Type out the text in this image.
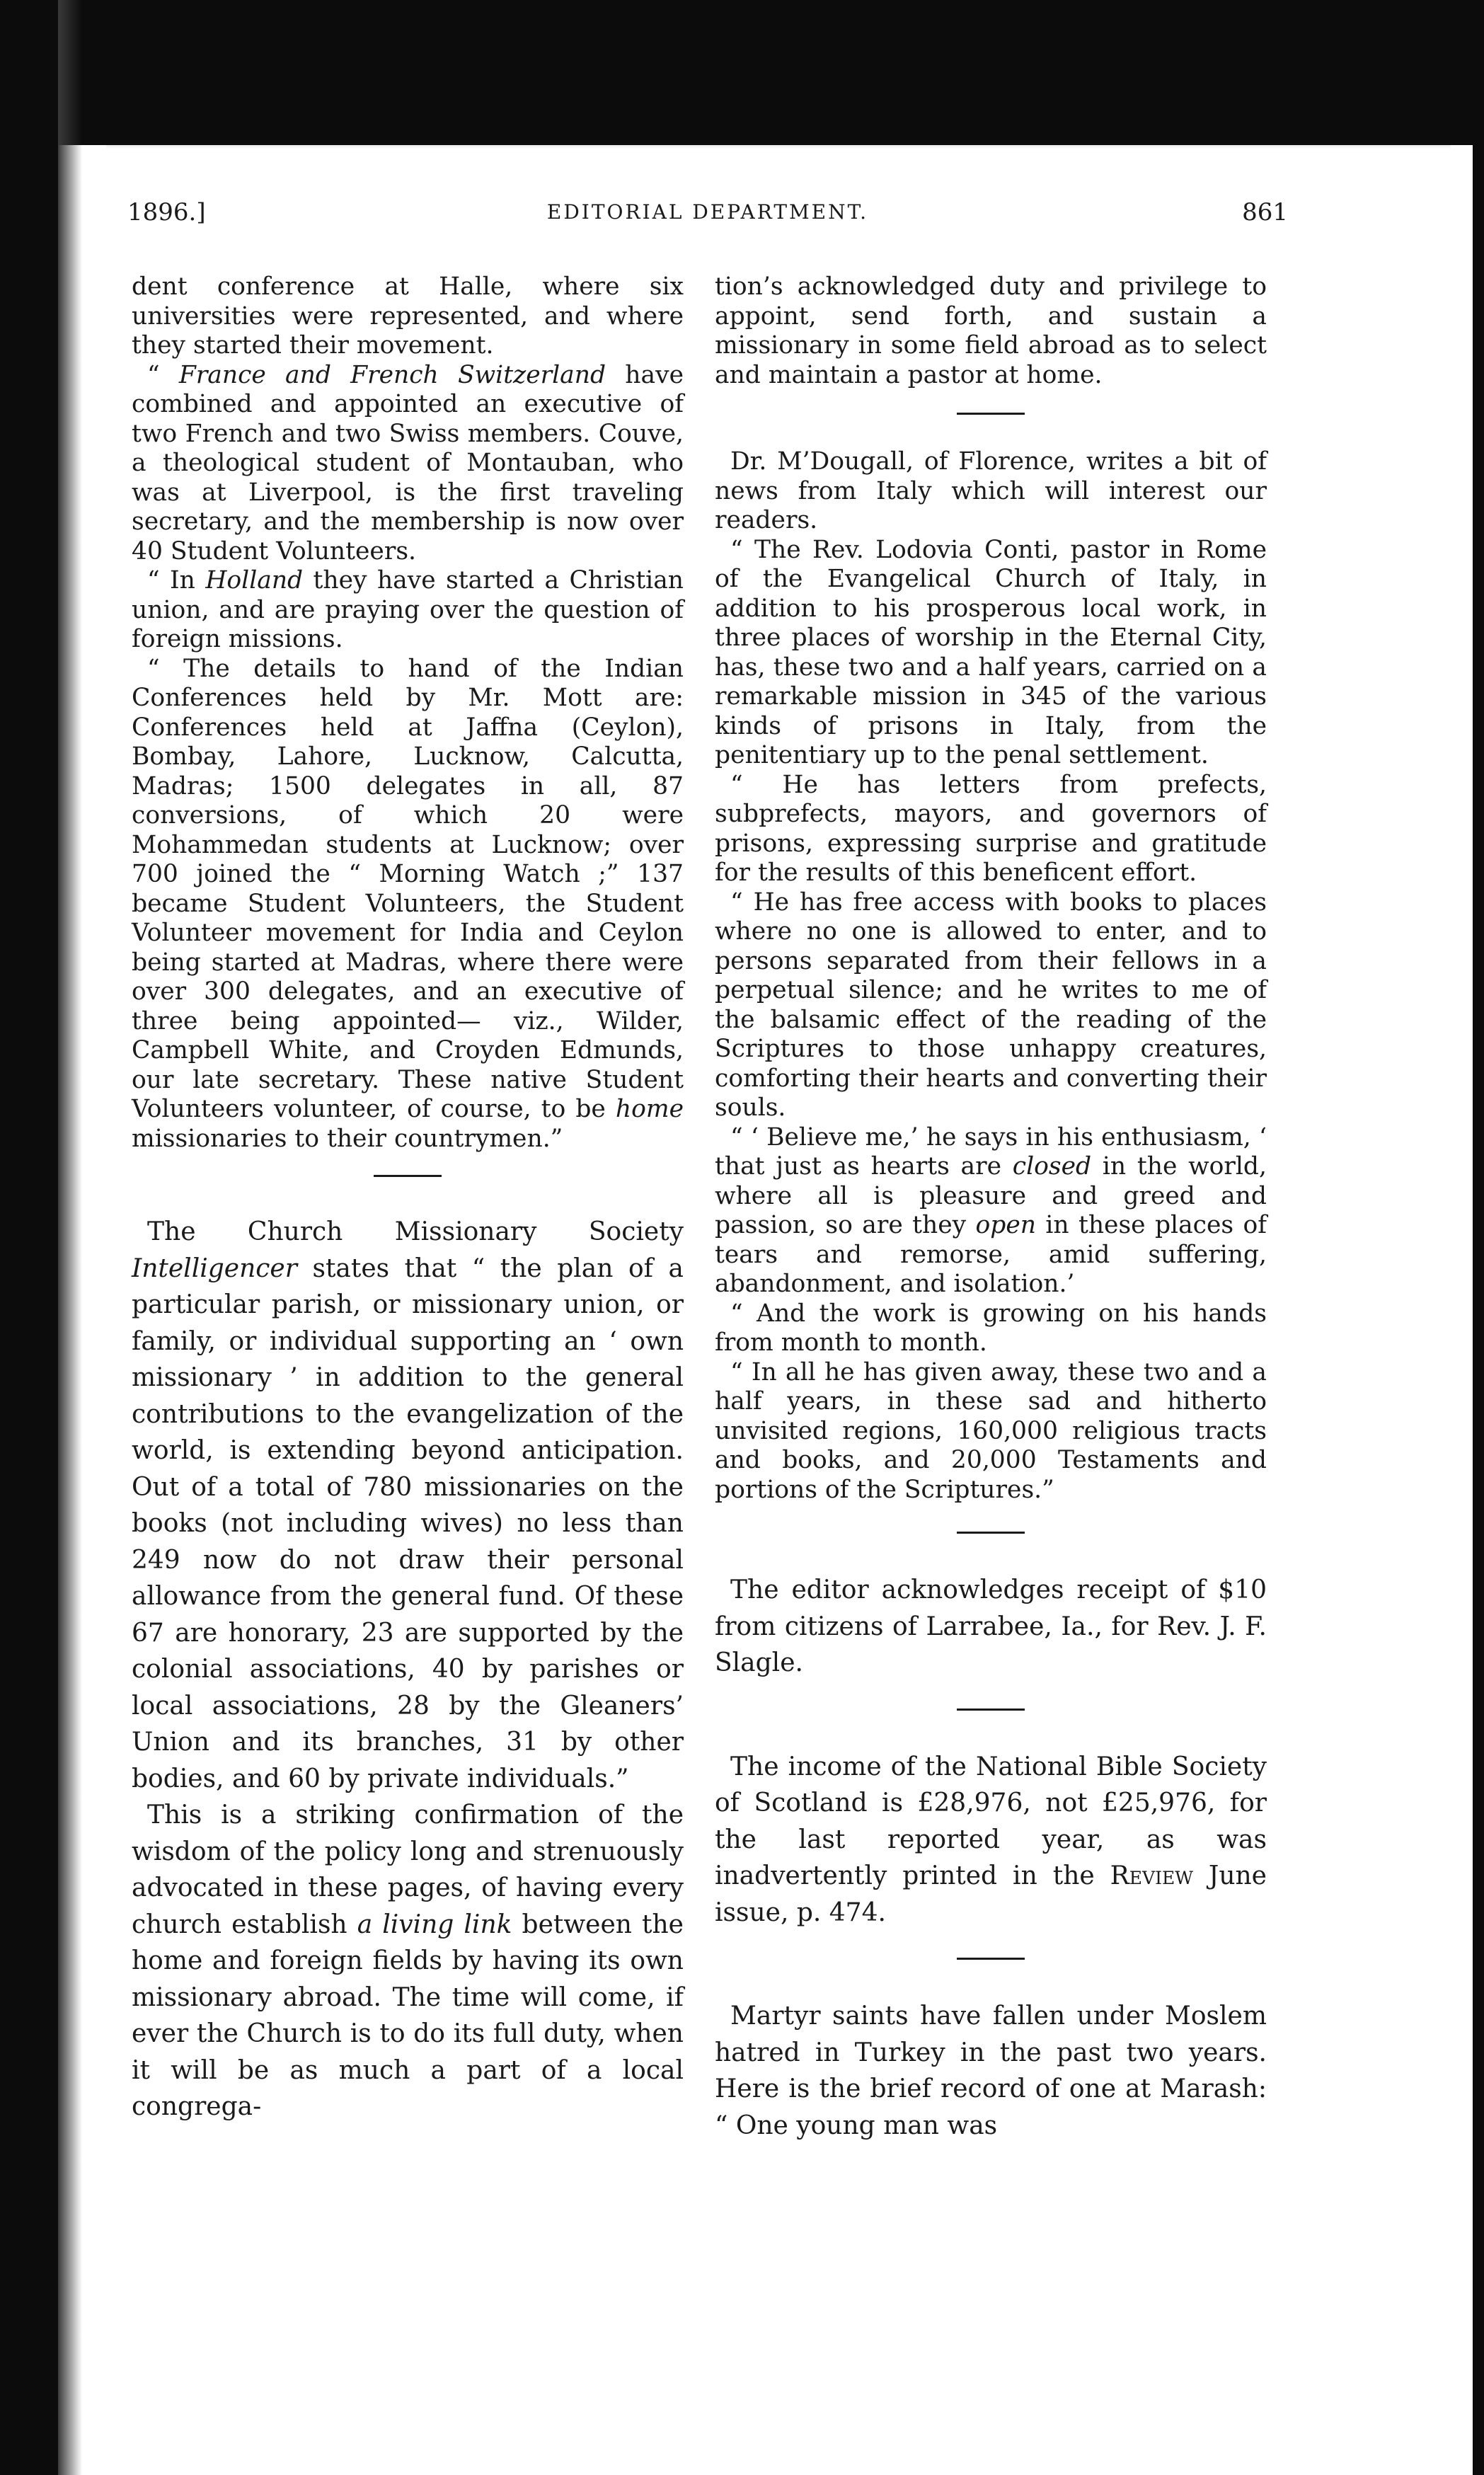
1896.]	EDITORIAL DEPARTMENT.	861

dent conference at Halle, where six universities were represented, and where they started their movement.

“ France and French Switzerland have combined and appointed an executive of two French and two Swiss members. Couve, a theological student of Montauban, who was at Liverpool, is the first traveling secretary, and the membership is now over 40 Student Volunteers.

“ In Holland they have started a Christian union, and are praying over the question of foreign missions.

“ The details to hand of the Indian Conferences held by Mr. Mott are: Conferences held at Jaffna (Ceylon), Bombay, Lahore, Lucknow, Calcutta, Madras; 1500 delegates in all, 87 conversions, of which 20 were Mohammedan students at Lucknow; over 700 joined the “ Morning Watch ;” 137 became Student Volunteers, the Student Volunteer movement for India and Ceylon being started at Madras, where there were over 300 delegates, and an executive of three being appointed— viz., Wilder, Campbell White, and Croyden Edmunds, our late secretary. These native Student Volunteers volunteer, of course, to be home missionaries to their countrymen.”

The Church Missionary Society Intelligencer states that “ the plan of a particular parish, or missionary union, or family, or individual supporting an ‘ own missionary ’ in addition to the general contributions to the evangelization of the world, is extending beyond anticipation. Out of a total of 780 missionaries on the books (not including wives) no less than 249 now do not draw their personal allowance from the general fund. Of these 67 are honorary, 23 are supported by the colonial associations, 40 by parishes or local associations, 28 by the Gleaners’ Union and its branches, 31 by other bodies, and 60 by private individuals.”

This is a striking confirmation of the wisdom of the policy long and strenuously advocated in these pages, of having every church establish a living link between the home and foreign fields by having its own missionary abroad. The time will come, if ever the Church is to do its full duty, when it will be as much a part of a local congrega-

tion’s acknowledged duty and privilege to appoint, send forth, and sustain a missionary in some field abroad as to select and maintain a pastor at home.

Dr. M’Dougall, of Florence, writes a bit of news from Italy which will interest our readers.

“ The Rev. Lodovia Conti, pastor in Rome of the Evangelical Church of Italy, in addition to his prosperous local work, in three places of worship in the Eternal City, has, these two and a half years, carried on a remarkable mission in 345 of the various kinds of prisons in Italy, from the penitentiary up to the penal settlement.

“ He has letters from prefects, subprefects, mayors, and governors of prisons, expressing surprise and gratitude for the results of this beneficent effort.

“ He has free access with books to places where no one is allowed to enter, and to persons separated from their fellows in a perpetual silence; and he writes to me of the balsamic effect of the reading of the Scriptures to those unhappy creatures, comforting their hearts and converting their souls.

“ ‘ Believe me,’ he says in his enthusiasm, ‘ that just as hearts are closed in the world, where all is pleasure and greed and passion, so are they open in these places of tears and remorse, amid suffering, abandonment, and isolation.’

“ And the work is growing on his hands from month to month.

“ In all he has given away, these two and a half years, in these sad and hitherto unvisited regions, 160,000 religious tracts and books, and 20,000 Testaments and portions of the Scriptures.”

The editor acknowledges receipt of $10 from citizens of Larrabee, Ia., for Rev. J. F. Slagle.

The income of the National Bible Society of Scotland is £28,976, not £25,976, for the last reported year, as was inadvertently printed in the Review June issue, p. 474.

Martyr saints have fallen under Moslem hatred in Turkey in the past two years. Here is the brief record of one at Marash: “ One young man was
